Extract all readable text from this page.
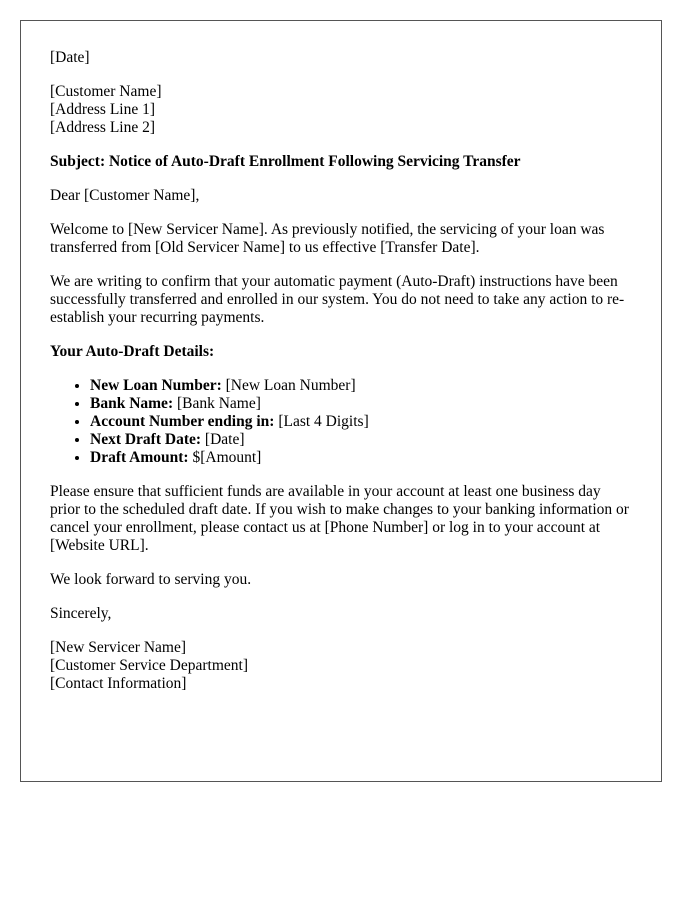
[Date]

[Customer Name]
[Address Line 1]
[Address Line 2]

Subject: Notice of Auto-Draft Enrollment Following Servicing Transfer

Dear [Customer Name],

Welcome to [New Servicer Name]. As previously notified, the servicing of your loan was transferred from [Old Servicer Name] to us effective [Transfer Date].

We are writing to confirm that your automatic payment (Auto-Draft) instructions have been successfully transferred and enrolled in our system. You do not need to take any action to re-establish your recurring payments.

Your Auto-Draft Details:

• New Loan Number: [New Loan Number]
• Bank Name: [Bank Name]
• Account Number ending in: [Last 4 Digits]
• Next Draft Date: [Date]
• Draft Amount: $[Amount]

Please ensure that sufficient funds are available in your account at least one business day prior to the scheduled draft date. If you wish to make changes to your banking information or cancel your enrollment, please contact us at [Phone Number] or log in to your account at [Website URL].

We look forward to serving you.

Sincerely,

[New Servicer Name]
[Customer Service Department]
[Contact Information]
